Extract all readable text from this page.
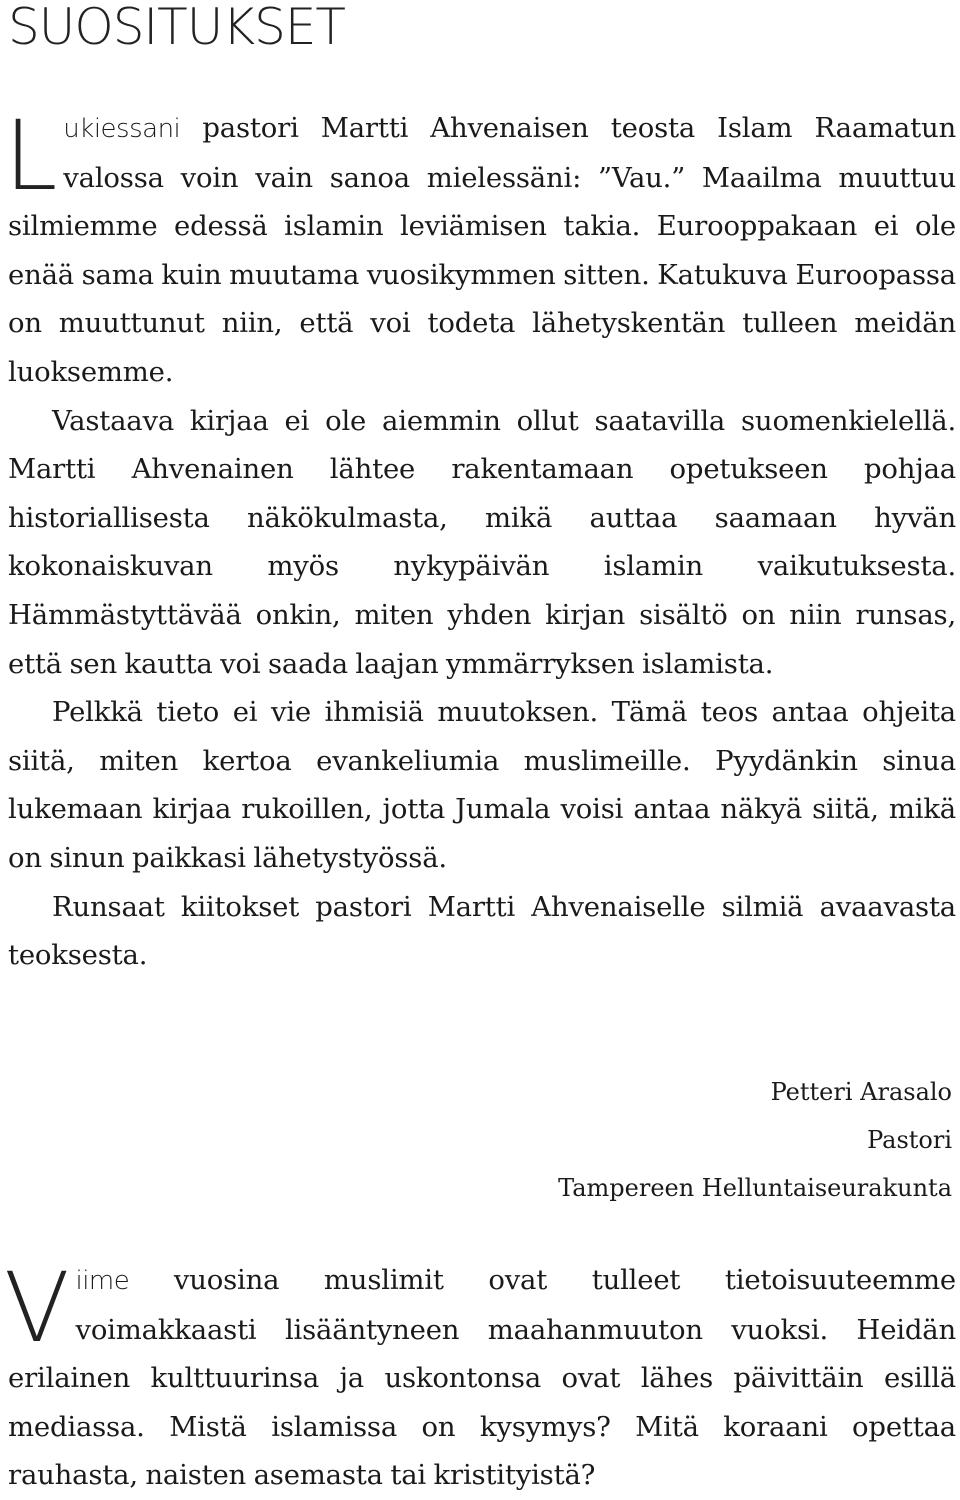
SUOSITUKSET

Lukiessani pastori Martti Ahvenaisen teosta Islam Raamatun valossa voin vain sanoa mielessäni: ”Vau.” Maailma muuttuu silmiemme edessä islamin leviämisen takia. Eurooppakaan ei ole enää sama kuin muutama vuosikymmen sitten. Katukuva Euroopassa on muuttunut niin, että voi todeta lähetyskentän tulleen meidän luoksemme.

Vastaava kirjaa ei ole aiemmin ollut saatavilla suomenkielellä. Martti Ahvenainen lähtee rakentamaan opetukseen pohjaa historiallisesta näkökulmasta, mikä auttaa saamaan hyvän kokonaiskuvan myös nykypäivän islamin vaikutuksesta. Hämmästyttävää onkin, miten yhden kirjan sisältö on niin runsas, että sen kautta voi saada laajan ymmärryksen islamista.

Pelkkä tieto ei vie ihmisiä muutoksen. Tämä teos antaa ohjeita siitä, miten kertoa evankeliumia muslimeille. Pyydänkin sinua lukemaan kirjaa rukoillen, jotta Jumala voisi antaa näkyä siitä, mikä on sinun paikkasi lähetystyössä.

Runsaat kiitokset pastori Martti Ahvenaiselle silmiä avaavasta teoksesta.

Petteri Arasalo

Pastori

Tampereen Helluntaiseurakunta

Viime vuosina muslimit ovat tulleet tietoisuuteemme voimakkaasti lisääntyneen maahanmuuton vuoksi. Heidän erilainen kulttuurinsa ja uskontonsa ovat lähes päivittäin esillä mediassa. Mistä islamissa on kysymys? Mitä koraani opettaa rauhasta, naisten asemasta tai kristityistä?
